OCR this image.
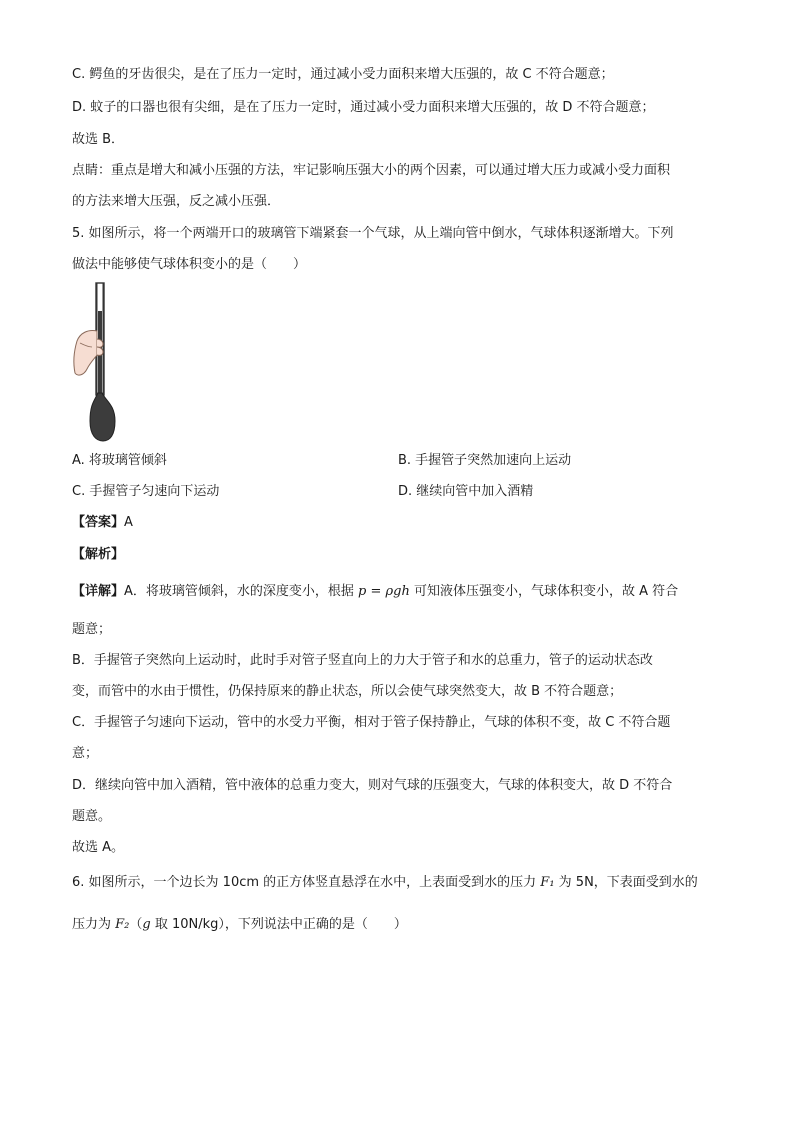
C. 鳄鱼的牙齿很尖，是在了压力一定时，通过减小受力面积来增大压强的，故 C 不符合题意；
D. 蚊子的口器也很有尖细，是在了压力一定时，通过减小受力面积来增大压强的，故 D 不符合题意；
故选 B．
点睛：重点是增大和减小压强的方法，牢记影响压强大小的两个因素，可以通过增大压力或减小受力面积
的方法来增大压强，反之减小压强．
5. 如图所示，将一个两端开口的玻璃管下端紧套一个气球，从上端向管中倒水，气球体积逐渐增大。下列
做法中能够使气球体积变小的是（　　）
A. 将玻璃管倾斜	B. 手握管子突然加速向上运动
C. 手握管子匀速向下运动	D. 继续向管中加入酒精
【答案】A
【解析】
【详解】A．将玻璃管倾斜，水的深度变小，根据 p = ρgh 可知液体压强变小，气球体积变小，故 A 符合
题意；
B．手握管子突然向上运动时，此时手对管子竖直向上的力大于管子和水的总重力，管子的运动状态改
变，而管中的水由于惯性，仍保持原来的静止状态，所以会使气球突然变大，故 B 不符合题意；
C．手握管子匀速向下运动，管中的水受力平衡，相对于管子保持静止，气球的体积不变，故 C 不符合题
意；
D．继续向管中加入酒精，管中液体的总重力变大，则对气球的压强变大，气球的体积变大，故 D 不符合
题意。
故选 A。
6. 如图所示，一个边长为 10cm 的正方体竖直悬浮在水中，上表面受到水的压力 F₁ 为 5N，下表面受到水的
压力为 F₂（g 取 10N/kg），下列说法中正确的是（　　）
